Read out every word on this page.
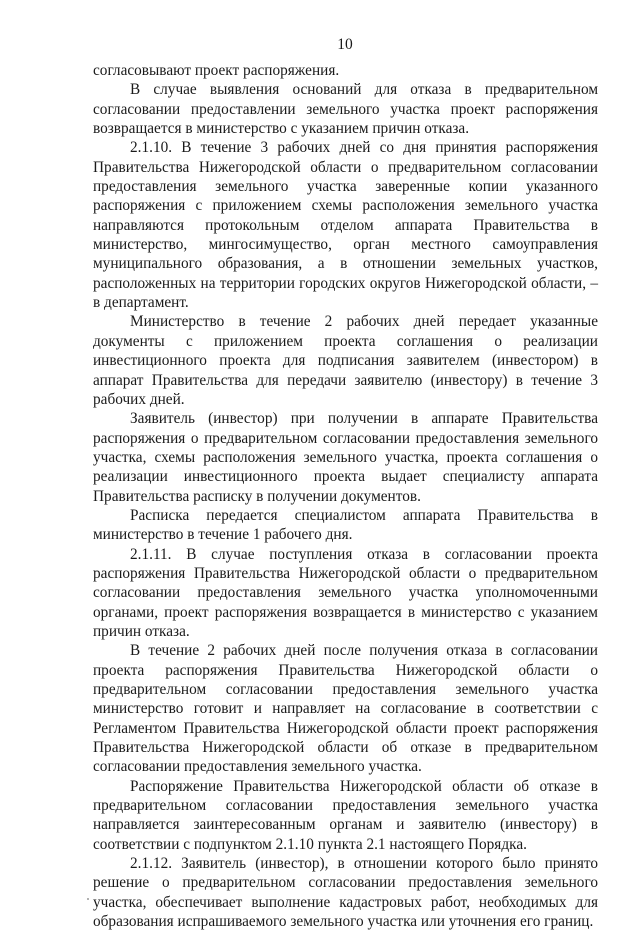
10

согласовывают проект распоряжения.

В случае выявления оснований для отказа в предварительном согласовании предоставлении земельного участка проект распоряжения возвращается в министерство с указанием причин отказа.

2.1.10. В течение 3 рабочих дней со дня принятия распоряжения Правительства Нижегородской области о предварительном согласовании предоставления земельного участка заверенные копии указанного распоряжения с приложением схемы расположения земельного участка направляются протокольным отделом аппарата Правительства в министерство, мингосимущество, орган местного самоуправления муниципального образования, а в отношении земельных участков, расположенных на территории городских округов Нижегородской области, – в департамент.

Министерство в течение 2 рабочих дней передает указанные документы с приложением проекта соглашения о реализации инвестиционного проекта для подписания заявителем (инвестором) в аппарат Правительства для передачи заявителю (инвестору) в течение 3 рабочих дней.

Заявитель (инвестор) при получении в аппарате Правительства распоряжения о предварительном согласовании предоставления земельного участка, схемы расположения земельного участка, проекта соглашения о реализации инвестиционного проекта выдает специалисту аппарата Правительства расписку в получении документов.

Расписка передается специалистом аппарата Правительства в министерство в течение 1 рабочего дня.

2.1.11. В случае поступления отказа в согласовании проекта распоряжения Правительства Нижегородской области о предварительном согласовании предоставления земельного участка уполномоченными органами, проект распоряжения возвращается в министерство с указанием причин отказа.

В течение 2 рабочих дней после получения отказа в согласовании проекта распоряжения Правительства Нижегородской области о предварительном согласовании предоставления земельного участка министерство готовит и направляет на согласование в соответствии с Регламентом Правительства Нижегородской области проект распоряжения Правительства Нижегородской области об отказе в предварительном согласовании предоставления земельного участка.

Распоряжение Правительства Нижегородской области об отказе в предварительном согласовании предоставления земельного участка направляется заинтересованным органам и заявителю (инвестору) в соответствии с подпунктом 2.1.10 пункта 2.1 настоящего Порядка.

2.1.12. Заявитель (инвестор), в отношении которого было принято решение о предварительном согласовании предоставления земельного участка, обеспечивает выполнение кадастровых работ, необходимых для образования испрашиваемого земельного участка или уточнения его границ.
